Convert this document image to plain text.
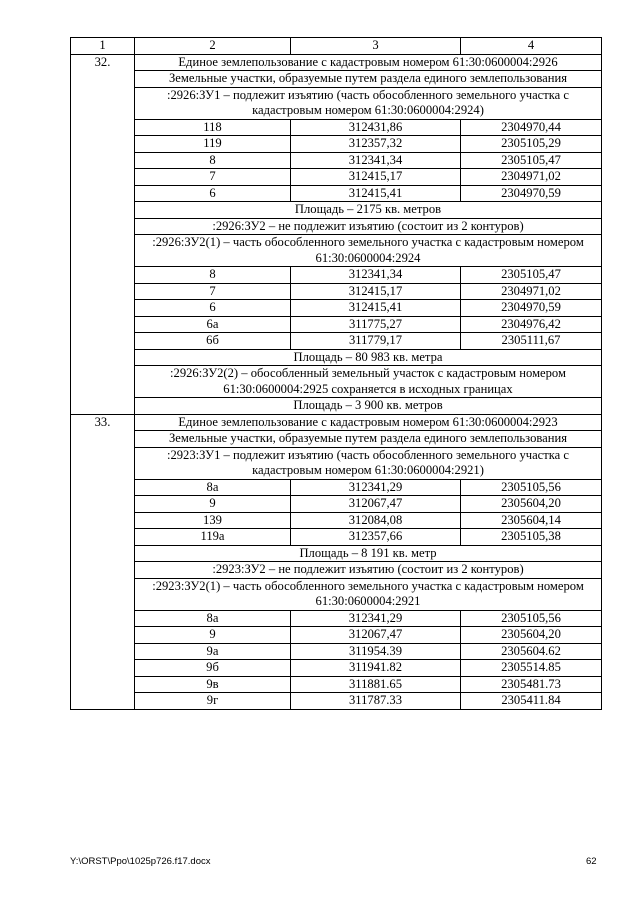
1	2	3	4
32.	Единое землепользование с кадастровым номером 61:30:0600004:2926		
	Земельные участки, образуемые путем раздела единого землепользования		
	:2926:ЗУ1 – подлежит изъятию (часть обособленного земельного участка с кадастровым номером 61:30:0600004:2924)		
	118	312431,86	2304970,44
	119	312357,32	2305105,29
	8	312341,34	2305105,47
	7	312415,17	2304971,02
	6	312415,41	2304970,59
	Площадь – 2175 кв. метров		
	:2926:ЗУ2 – не подлежит изъятию (состоит из 2 контуров)		
	:2926:ЗУ2(1) – часть обособленного земельного участка с кадастровым номером 61:30:0600004:2924		
	8	312341,34	2305105,47
	7	312415,17	2304971,02
	6	312415,41	2304970,59
	6а	311775,27	2304976,42
	6б	311779,17	2305111,67
	Площадь – 80 983 кв. метра		
	:2926:ЗУ2(2) – обособленный земельный участок с кадастровым номером 61:30:0600004:2925 сохраняется в исходных границах		
	Площадь – 3 900 кв. метров		
33.	Единое землепользование с кадастровым номером 61:30:0600004:2923		
	Земельные участки, образуемые путем раздела единого землепользования		
	:2923:ЗУ1 – подлежит изъятию (часть обособленного земельного участка с кадастровым номером 61:30:0600004:2921)		
	8а	312341,29	2305105,56
	9	312067,47	2305604,20
	139	312084,08	2305604,14
	119а	312357,66	2305105,38
	Площадь – 8 191 кв. метр		
	:2923:ЗУ2 – не подлежит изъятию (состоит из 2 контуров)		
	:2923:ЗУ2(1) – часть обособленного земельного участка с кадастровым номером 61:30:0600004:2921		
	8а	312341,29	2305105,56
	9	312067,47	2305604,20
	9а	311954.39	2305604.62
	9б	311941.82	2305514.85
	9в	311881.65	2305481.73
	9г	311787.33	2305411.84
Y:\ORST\Ppo\1025p726.f17.docx	62
